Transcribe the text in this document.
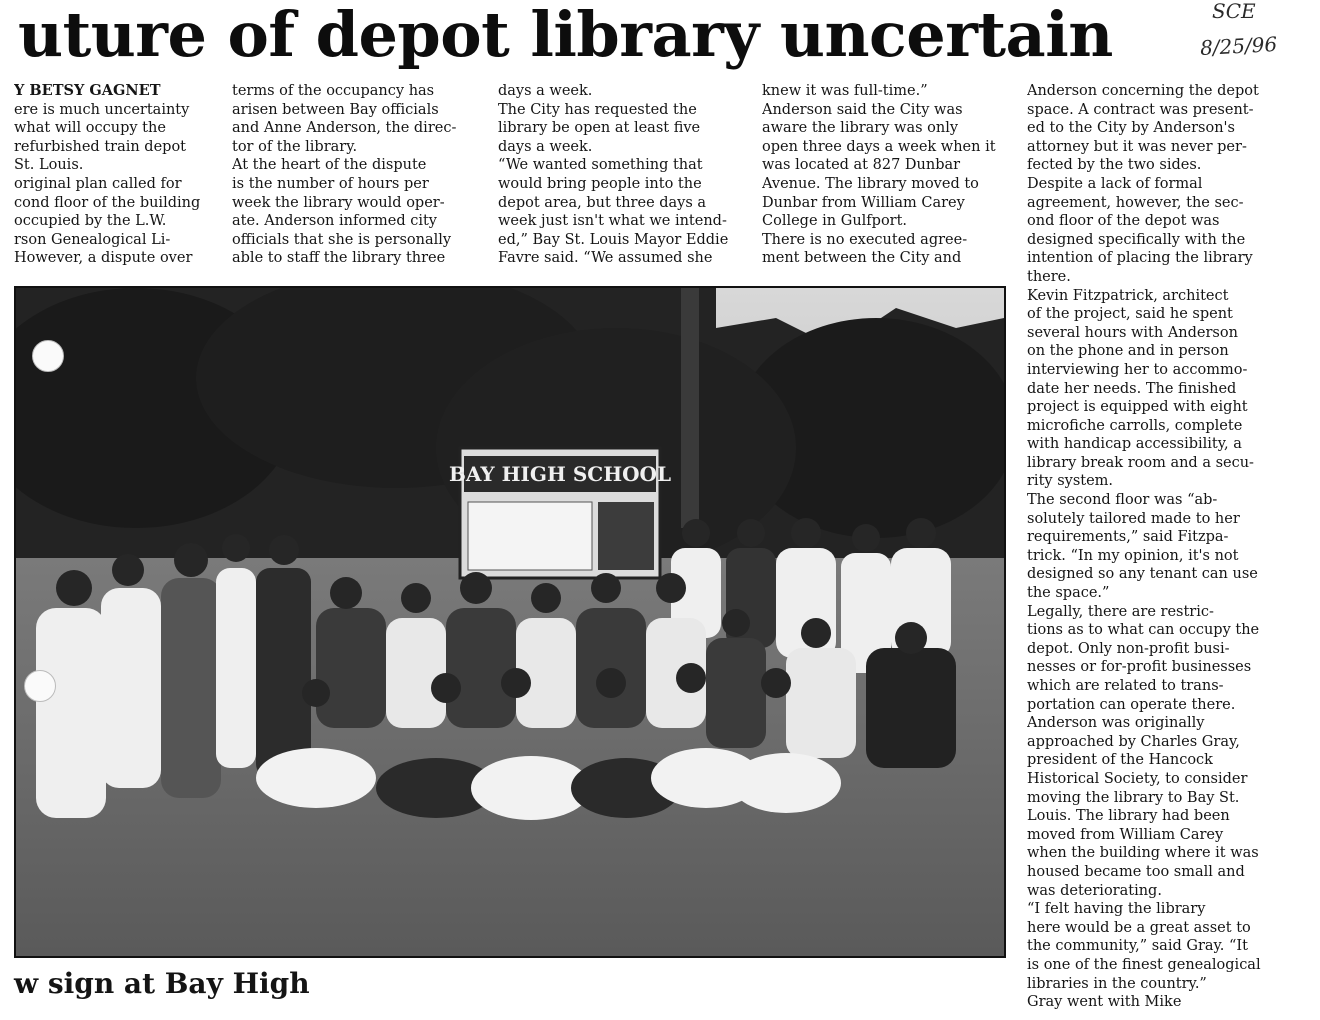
uture of depot library uncertain	SCE
8/25/96
Y BETSY GAGNET
ere is much uncertainty
what will occupy the
refurbished train depot
St. Louis.
original plan called for
cond floor of the building
occupied by the L.W.
rson Genealogical Li-
However, a dispute over
terms of the occupancy has
arisen between Bay officials
and Anne Anderson, the direc-
tor of the library.
At the heart of the dispute
is the number of hours per
week the library would oper-
ate. Anderson informed city
officials that she is personally
able to staff the library three
days a week.
The City has requested the
library be open at least five
days a week.
“We wanted something that
would bring people into the
depot area, but three days a
week just isn't what we intend-
ed,” Bay St. Louis Mayor Eddie
Favre said. “We assumed she
knew it was full-time.”
Anderson said the City was
aware the library was only
open three days a week when it
was located at 827 Dunbar
Avenue. The library moved to
Dunbar from William Carey
College in Gulfport.
There is no executed agree-
ment between the City and
Anderson concerning the depot
space. A contract was present-
ed to the City by Anderson's
attorney but it was never per-
fected by the two sides.
Despite a lack of formal
agreement, however, the sec-
ond floor of the depot was
designed specifically with the
intention of placing the library
there.
Kevin Fitzpatrick, architect
of the project, said he spent
several hours with Anderson
on the phone and in person
interviewing her to accommo-
date her needs. The finished
project is equipped with eight
microfiche carrolls, complete
with handicap accessibility, a
library break room and a secu-
rity system.
The second floor was “ab-
solutely tailored made to her
requirements,” said Fitzpa-
trick. “In my opinion, it's not
designed so any tenant can use
the space.”
Legally, there are restric-
tions as to what can occupy the
depot. Only non-profit busi-
nesses or for-profit businesses
which are related to trans-
portation can operate there.
Anderson was originally
approached by Charles Gray,
president of the Hancock
Historical Society, to consider
moving the library to Bay St.
Louis. The library had been
moved from William Carey
when the building where it was
housed became too small and
was deteriorating.
“I felt having the library
here would be a great asset to
the community,” said Gray. “It
is one of the finest genealogical
libraries in the country.”
Gray went with Mike
BAY HIGH SCHOOL
w sign at Bay High
